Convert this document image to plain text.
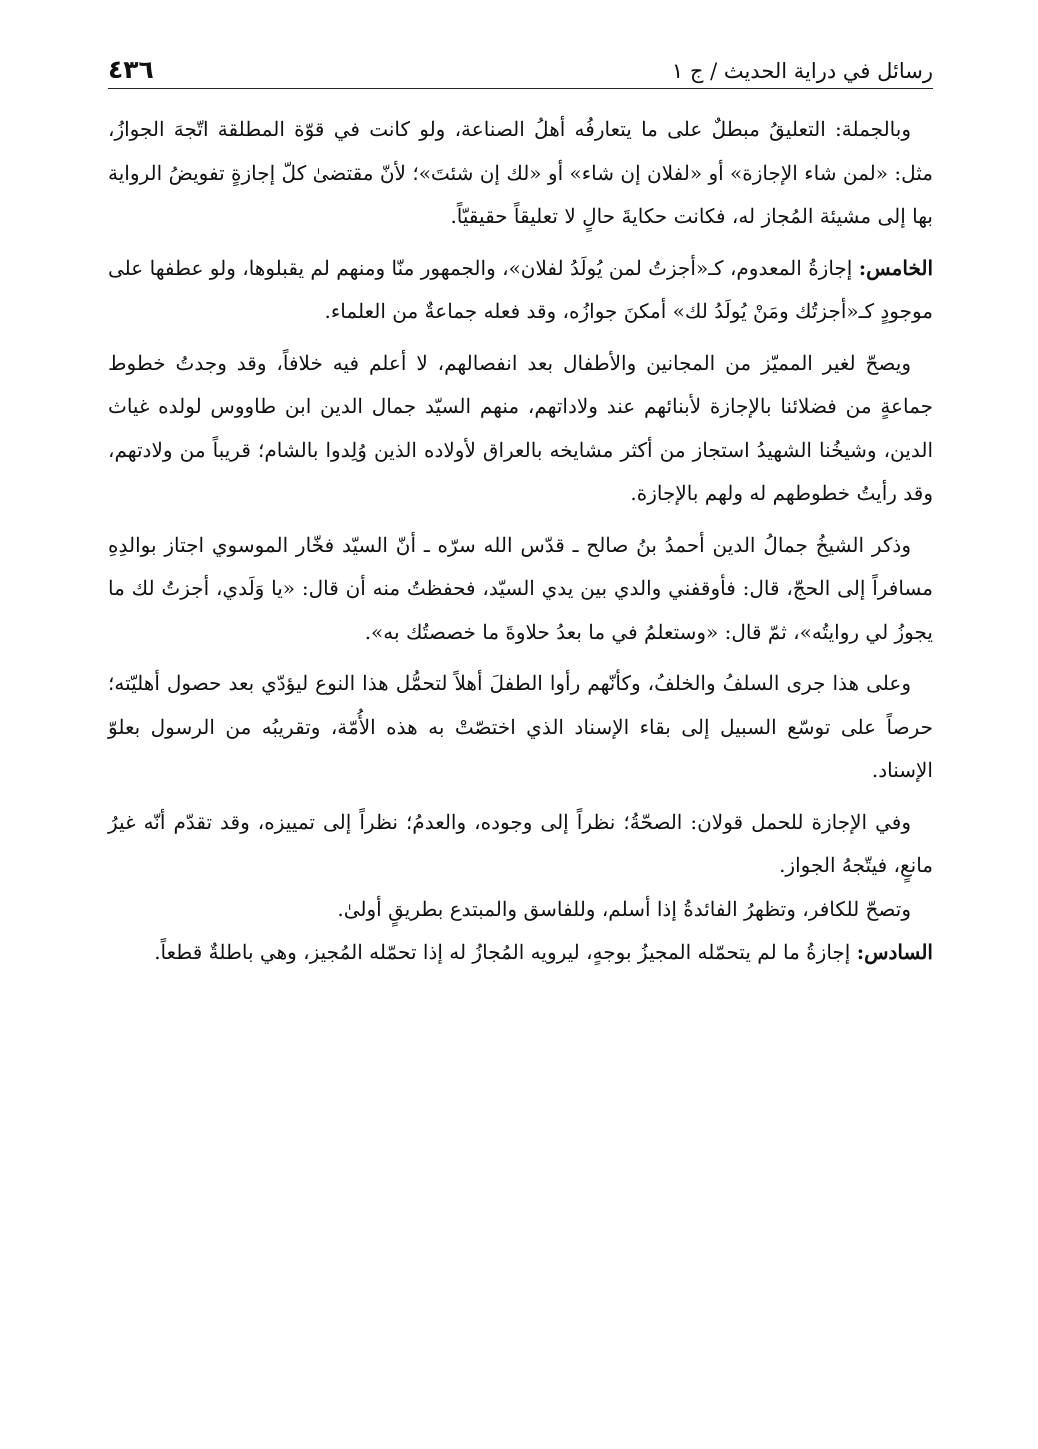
رسائل في دراية الحديث / ج ١
٤٣٦

وبالجملة: التعليقُ مبطلٌ على ما يتعارفُه أهلُ الصناعة، ولو كانت في قوّة المطلقة اتّجهَ الجوازُ، مثل: «لمن شاء الإجازة» أو «لفلان إن شاء» أو «لك إن شئتَ»؛ لأنّ مقتضىٰ كلّ إجازةٍ تفويضُ الرواية بها إلى مشيئة المُجاز له، فكانت حكايةَ حالٍ لا تعليقاً حقيقيّاً.

الخامس: إجازةُ المعدوم، كـ«أجزتُ لمن يُولَدُ لفلان»، والجمهور منّا ومنهم لم يقبلوها، ولو عطفها على موجودٍ كـ«أجزتُك ومَنْ يُولَدُ لك» أمكنَ جوازُه، وقد فعله جماعةٌ من العلماء.

ويصحّ لغير المميّز من المجانين والأطفال بعد انفصالهم، لا أعلم فيه خلافاً، وقد وجدتُ خطوط جماعةٍ من فضلائنا بالإجازة لأبنائهم عند ولاداتهم، منهم السيّد جمال الدين ابن طاووس لولده غياث الدين، وشيخُنا الشهيدُ استجاز من أكثر مشايخه بالعراق لأولاده الذين وُلِدوا بالشام؛ قريباً من ولادتهم، وقد رأيتُ خطوطهم له ولهم بالإجازة.

وذكر الشيخُ جمالُ الدين أحمدُ بنُ صالح ـ قدّس الله سرّه ـ أنّ السيّد فخّار الموسوي اجتاز بوالدِهِ مسافراً إلى الحجّ، قال: فأوقفني والدي بين يدي السيّد، فحفظتُ منه أن قال: «يا وَلَدي، أجزتُ لك ما يجوزُ لي روايتُه»، ثمّ قال: «وستعلمُ في ما بعدُ حلاوةَ ما خصصتُك به».

وعلى هذا جرى السلفُ والخلفُ، وكأنّهم رأوا الطفلَ أهلاً لتحمُّل هذا النوع ليؤدّي بعد حصول أهليّته؛ حرصاً على توسّع السبيل إلى بقاء الإسناد الذي اختصّتْ به هذه الأُمّة، وتقريبُه من الرسول بعلوّ الإسناد.

وفي الإجازة للحمل قولان: الصحّةُ؛ نظراً إلى وجوده، والعدمُ؛ نظراً إلى تمييزه، وقد تقدّم أنّه غيرُ مانعٍ، فيتّجهُ الجواز.

وتصحّ للكافر، وتظهرُ الفائدةُ إذا أسلم، وللفاسق والمبتدع بطريقٍ أولىٰ.

السادس: إجازةُ ما لم يتحمّله المجيزُ بوجهٍ، ليرويه المُجازُ له إذا تحمّله المُجيز، وهي باطلةٌ قطعاً.
